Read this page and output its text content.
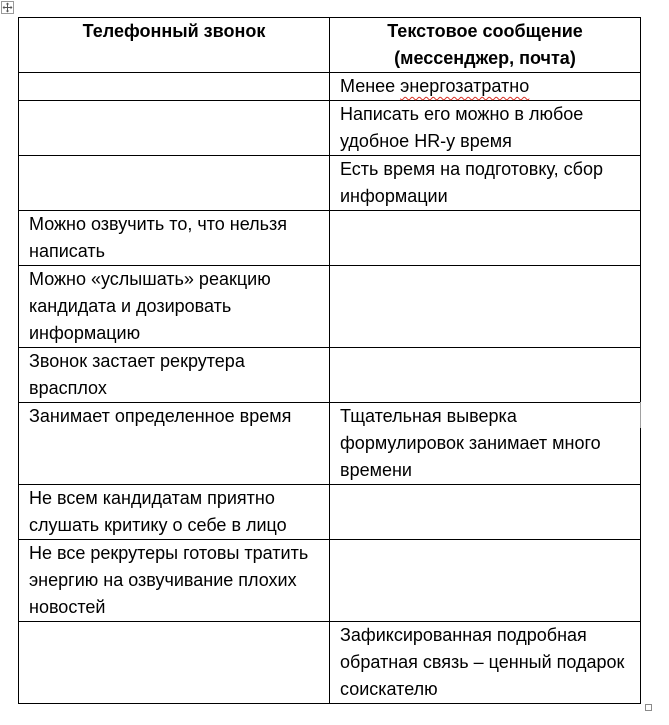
Телефонный звонок	Текстовое сообщение (мессенджер, почта)

	Менее энергозатратно

	Написать его можно в любое удобное HR-у время

	Есть время на подготовку, сбор информации

Можно озвучить то, что нельзя написать	

Можно «услышать» реакцию кандидата и дозировать информацию	

Звонок застает рекрутера врасплох	

Занимает определенное время	Тщательная выверка формулировок занимает много времени

Не всем кандидатам приятно слушать критику о себе в лицо	

Не все рекрутеры готовы тратить энергию на озвучивание плохих новостей	

	Зафиксированная подробная обратная связь – ценный подарок соискателю
